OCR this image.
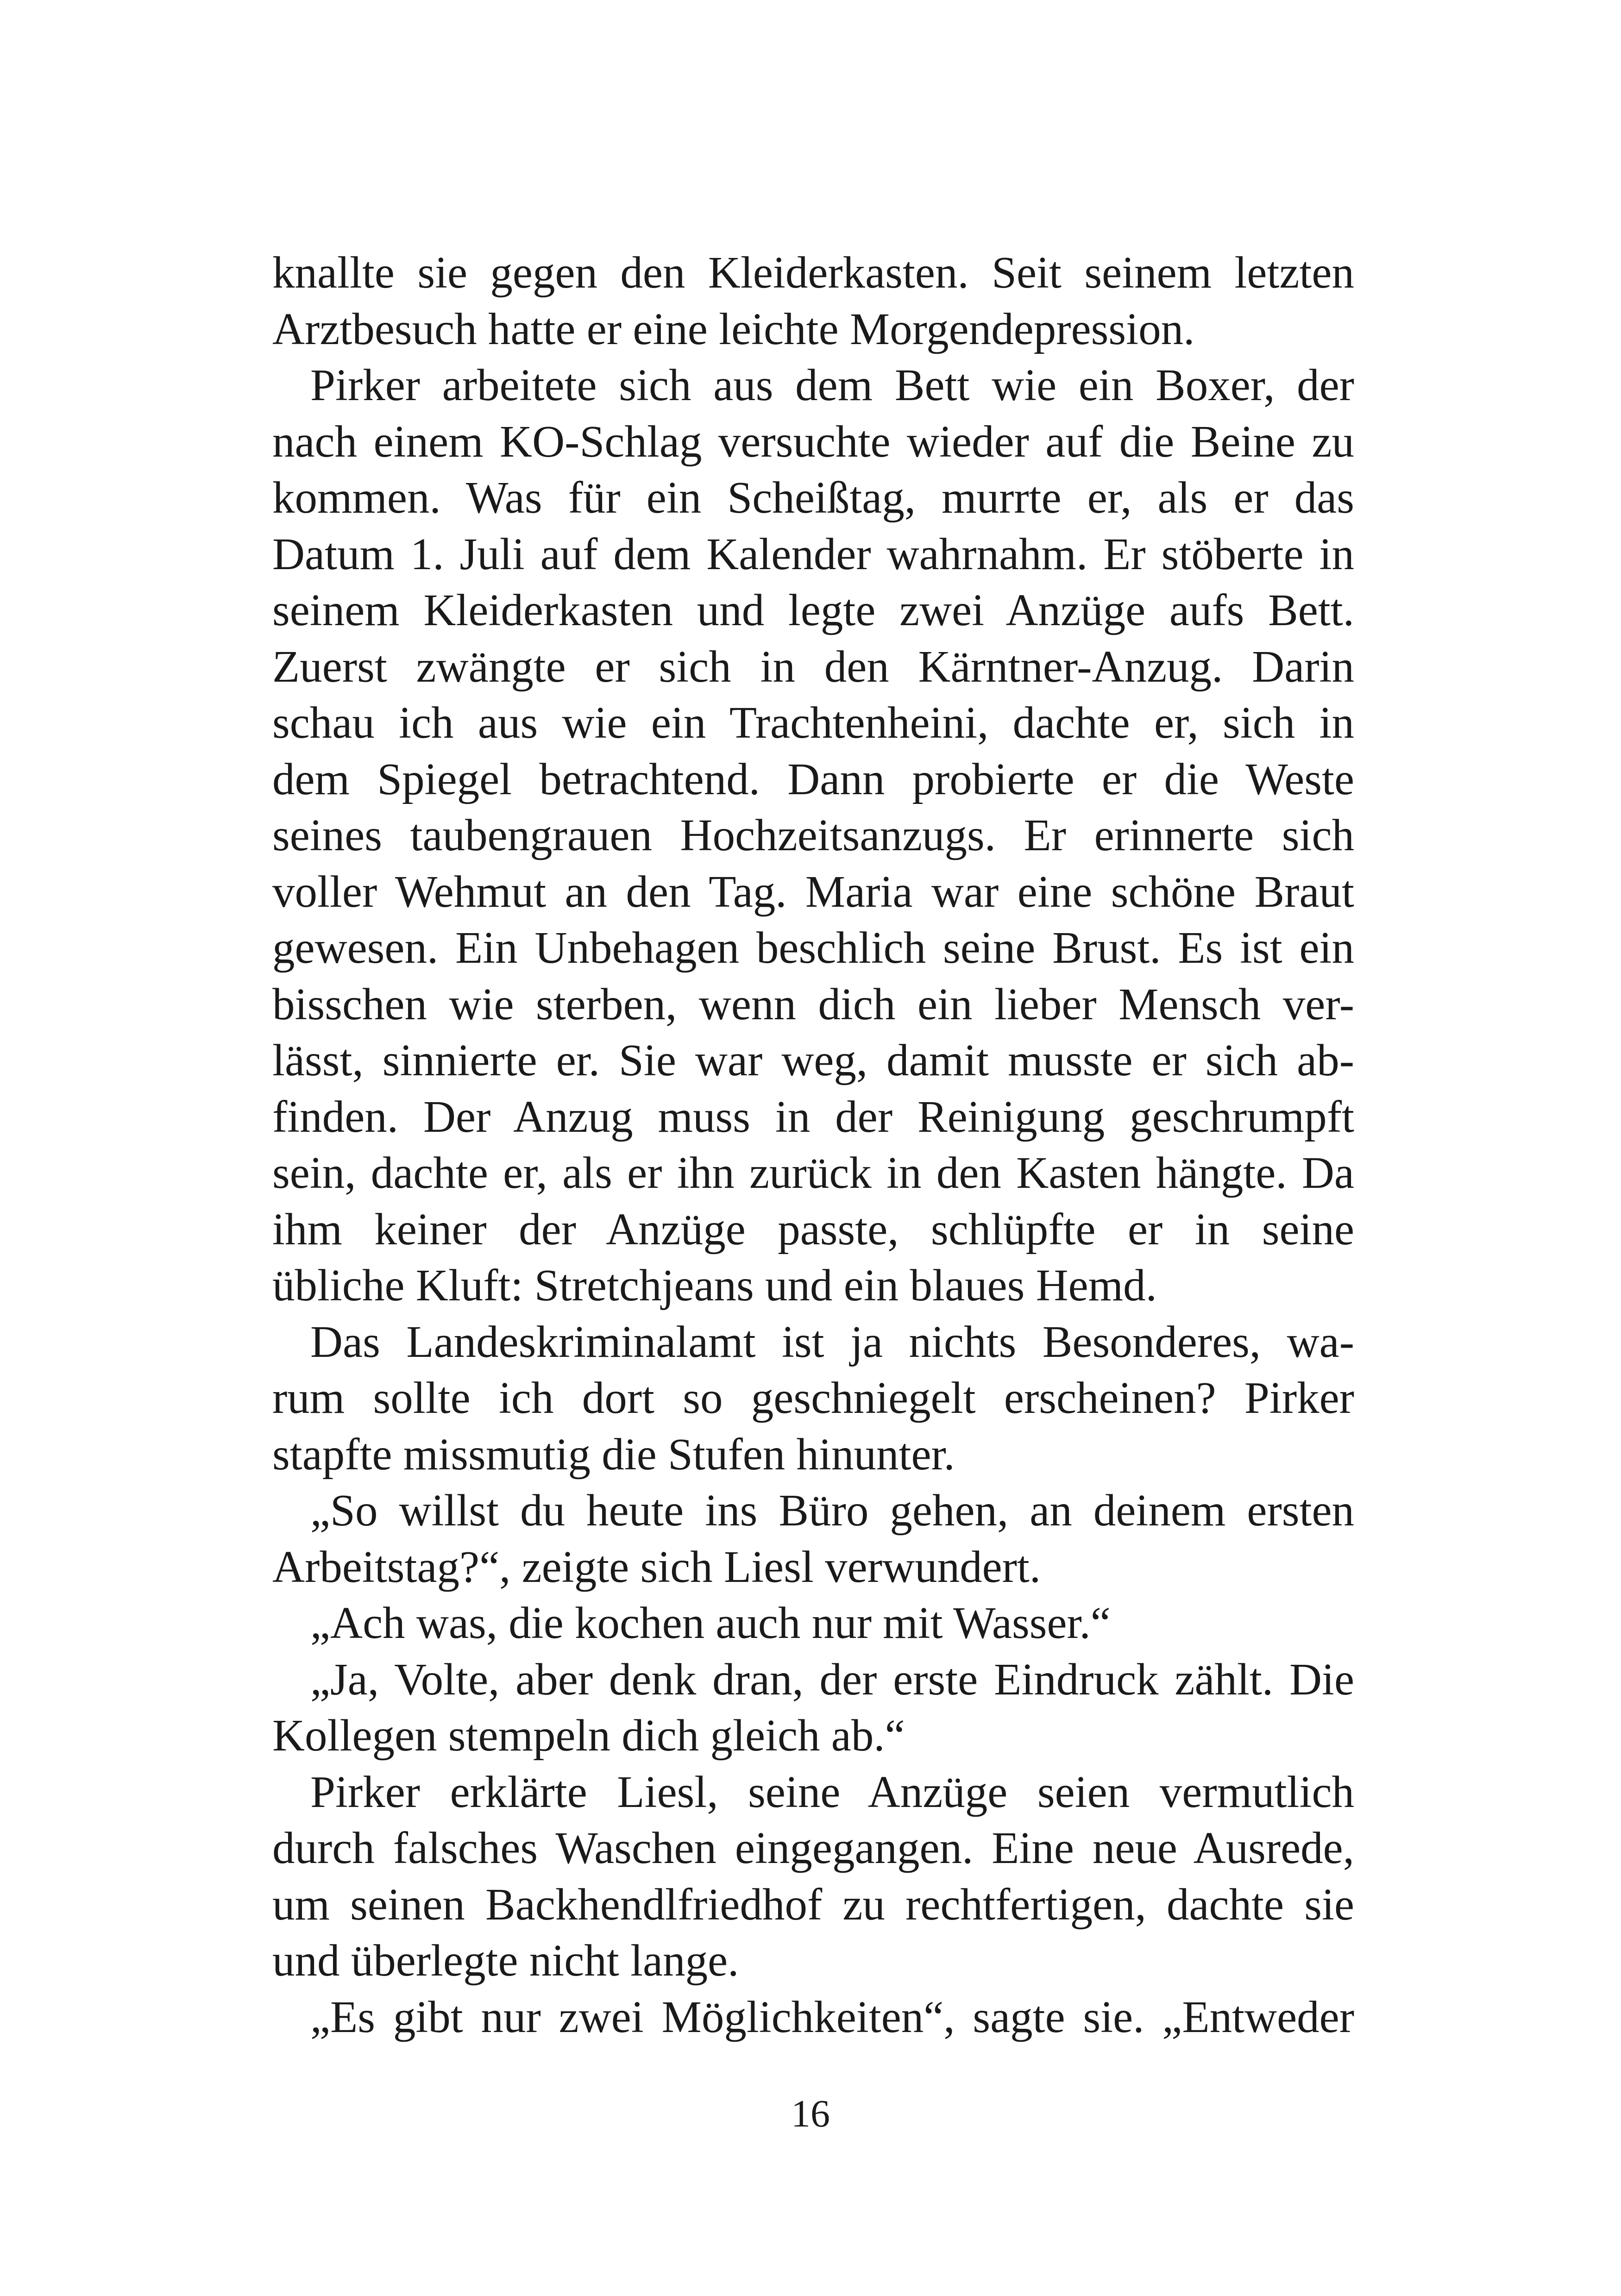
knallte sie gegen den Kleiderkasten. Seit seinem letzten
Arztbesuch hatte er eine leichte Morgendepression.
Pirker arbeitete sich aus dem Bett wie ein Boxer, der
nach einem KO-Schlag versuchte wieder auf die Beine zu
kommen. Was für ein Scheißtag, murrte er, als er das
Datum 1. Juli auf dem Kalender wahrnahm. Er stöberte in
seinem Kleiderkasten und legte zwei Anzüge aufs Bett.
Zuerst zwängte er sich in den Kärntner-Anzug. Darin
schau ich aus wie ein Trachtenheini, dachte er, sich in
dem Spiegel betrachtend. Dann probierte er die Weste
seines taubengrauen Hochzeitsanzugs. Er erinnerte sich
voller Wehmut an den Tag. Maria war eine schöne Braut
gewesen. Ein Unbehagen beschlich seine Brust. Es ist ein
bisschen wie sterben, wenn dich ein lieber Mensch ver-
lässt, sinnierte er. Sie war weg, damit musste er sich ab-
finden. Der Anzug muss in der Reinigung geschrumpft
sein, dachte er, als er ihn zurück in den Kasten hängte. Da
ihm keiner der Anzüge passte, schlüpfte er in seine
übliche Kluft: Stretchjeans und ein blaues Hemd.
Das Landeskriminalamt ist ja nichts Besonderes, wa-
rum sollte ich dort so geschniegelt erscheinen? Pirker
stapfte missmutig die Stufen hinunter.
„So willst du heute ins Büro gehen, an deinem ersten
Arbeitstag?“, zeigte sich Liesl verwundert.
„Ach was, die kochen auch nur mit Wasser.“
„Ja, Volte, aber denk dran, der erste Eindruck zählt. Die
Kollegen stempeln dich gleich ab.“
Pirker erklärte Liesl, seine Anzüge seien vermutlich
durch falsches Waschen eingegangen. Eine neue Ausrede,
um seinen Backhendlfriedhof zu rechtfertigen, dachte sie
und überlegte nicht lange.
„Es gibt nur zwei Möglichkeiten“, sagte sie. „Entweder
16
